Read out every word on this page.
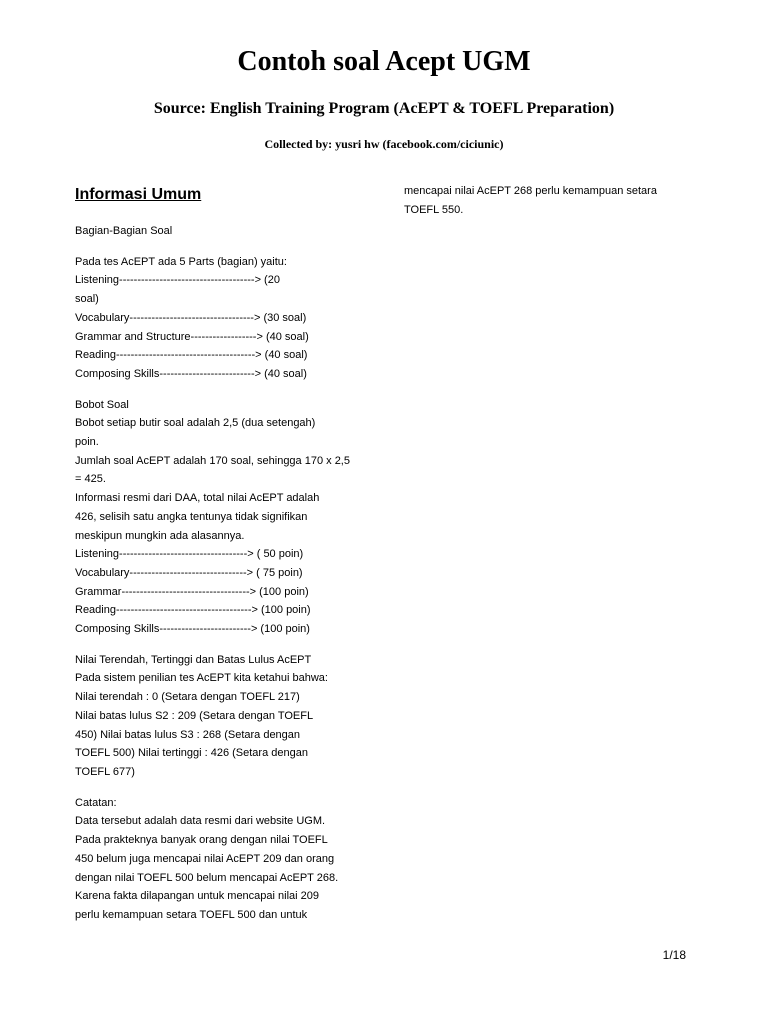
Contoh soal Acept UGM

Source: English Training Program (AcEPT & TOEFL Preparation)

Collected by: yusri hw (facebook.com/ciciunic)

Informasi Umum
Bagian-Bagian Soal
Pada tes AcEPT ada 5 Parts (bagian) yaitu:
Listening-------------------------------------> (20
soal)
Vocabulary----------------------------------> (30 soal)
Grammar and Structure------------------> (40 soal)
Reading--------------------------------------> (40 soal)
Composing Skills--------------------------> (40 soal)
Bobot Soal
Bobot setiap butir soal adalah 2,5 (dua setengah)
poin.
Jumlah soal AcEPT adalah 170 soal, sehingga 170 x 2,5
= 425.
Informasi resmi dari DAA, total nilai AcEPT adalah
426, selisih satu angka tentunya tidak signifikan
meskipun mungkin ada alasannya.
Listening-----------------------------------> ( 50 poin)
Vocabulary--------------------------------> ( 75 poin)
Grammar-----------------------------------> (100 poin)
Reading-------------------------------------> (100 poin)
Composing Skills-------------------------> (100 poin)
Nilai Terendah, Tertinggi dan Batas Lulus AcEPT
Pada sistem penilian tes AcEPT kita ketahui bahwa:
Nilai terendah : 0 (Setara dengan TOEFL 217)
Nilai batas lulus S2 : 209 (Setara dengan TOEFL
450) Nilai batas lulus S3 : 268 (Setara dengan
TOEFL 500) Nilai tertinggi : 426 (Setara dengan
TOEFL 677)
Catatan:
Data tersebut adalah data resmi dari website UGM.
Pada prakteknya banyak orang dengan nilai TOEFL
450 belum juga mencapai nilai AcEPT 209 dan orang
dengan nilai TOEFL 500 belum mencapai AcEPT 268.
Karena fakta dilapangan untuk mencapai nilai 209
perlu kemampuan setara TOEFL 500 dan untuk
mencapai nilai AcEPT 268 perlu kemampuan setara
TOEFL 550.
1/18
